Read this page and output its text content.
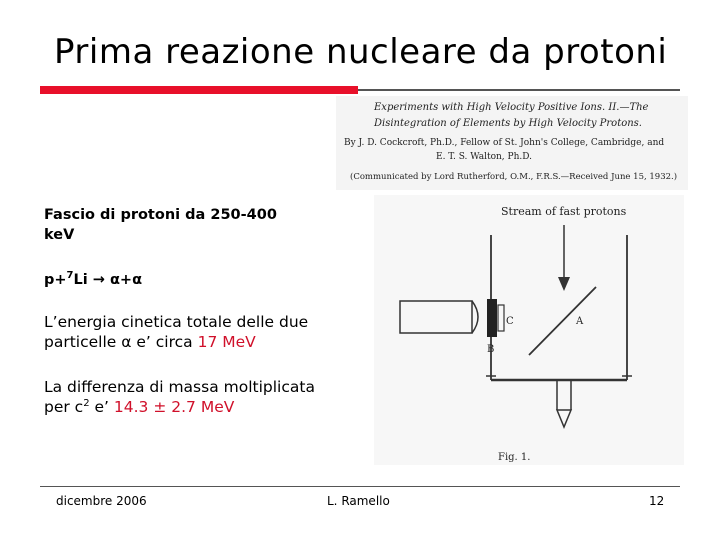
Prima reazione nucleare da protoni
Experiments with High Velocity Positive Ions. II.—The
Disintegration of Elements by High Velocity Protons.
By J. D. Cockcroft, Ph.D., Fellow of St. John's College, Cambridge, and
E. T. S. Walton, Ph.D.
(Communicated by Lord Rutherford, O.M., F.R.S.—Received June 15, 1932.)
Fascio di protoni da 250-400
keV
p+$^7$Li → α+α
L’energia cinetica totale delle due
particelle α e’ circa 17 MeV
La differenza di massa moltiplicata
per $c^2$ e’ 14.3 ± 2.7 MeV
Stream of fast protons
C
B
A
Fig. 1.
dicembre 2006	L. Ramello	12
